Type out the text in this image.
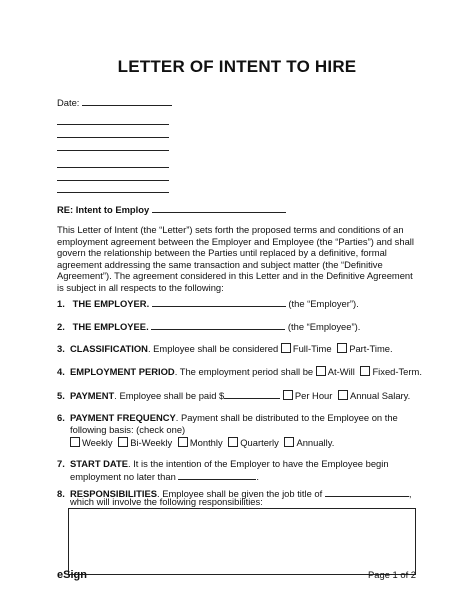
LETTER OF INTENT TO HIRE
Date:
RE: Intent to Employ
This Letter of Intent (the “Letter”) sets forth the proposed terms and conditions of an employment agreement between the Employer and Employee (the “Parties”) and shall govern the relationship between the Parties until replaced by a definitive, formal agreement addressing the same transaction and subject matter (the “Definitive Agreement”). The agreement considered in this Letter and in the Definitive Agreement is subject in all respects to the following:
1. THE EMPLOYER.	(the “Employer”).
2. THE EMPLOYEE.	(the “Employee”).
3. CLASSIFICATION. Employee shall be considered Full-Time Part-Time.
4. EMPLOYMENT PERIOD. The employment period shall be At-Will Fixed-Term.
5. PAYMENT. Employee shall be paid $	Per Hour Annual Salary.
6. PAYMENT FREQUENCY. Payment shall be distributed to the Employee on the
following basis: (check one)
Weekly Bi-Weekly Monthly Quarterly Annually.
7. START DATE. It is the intention of the Employer to have the Employee begin
employment no later than	.
8. RESPONSIBILITIES. Employee shall be given the job title of	,
which will involve the following responsibilities:
eSign	Page 1 of 2
